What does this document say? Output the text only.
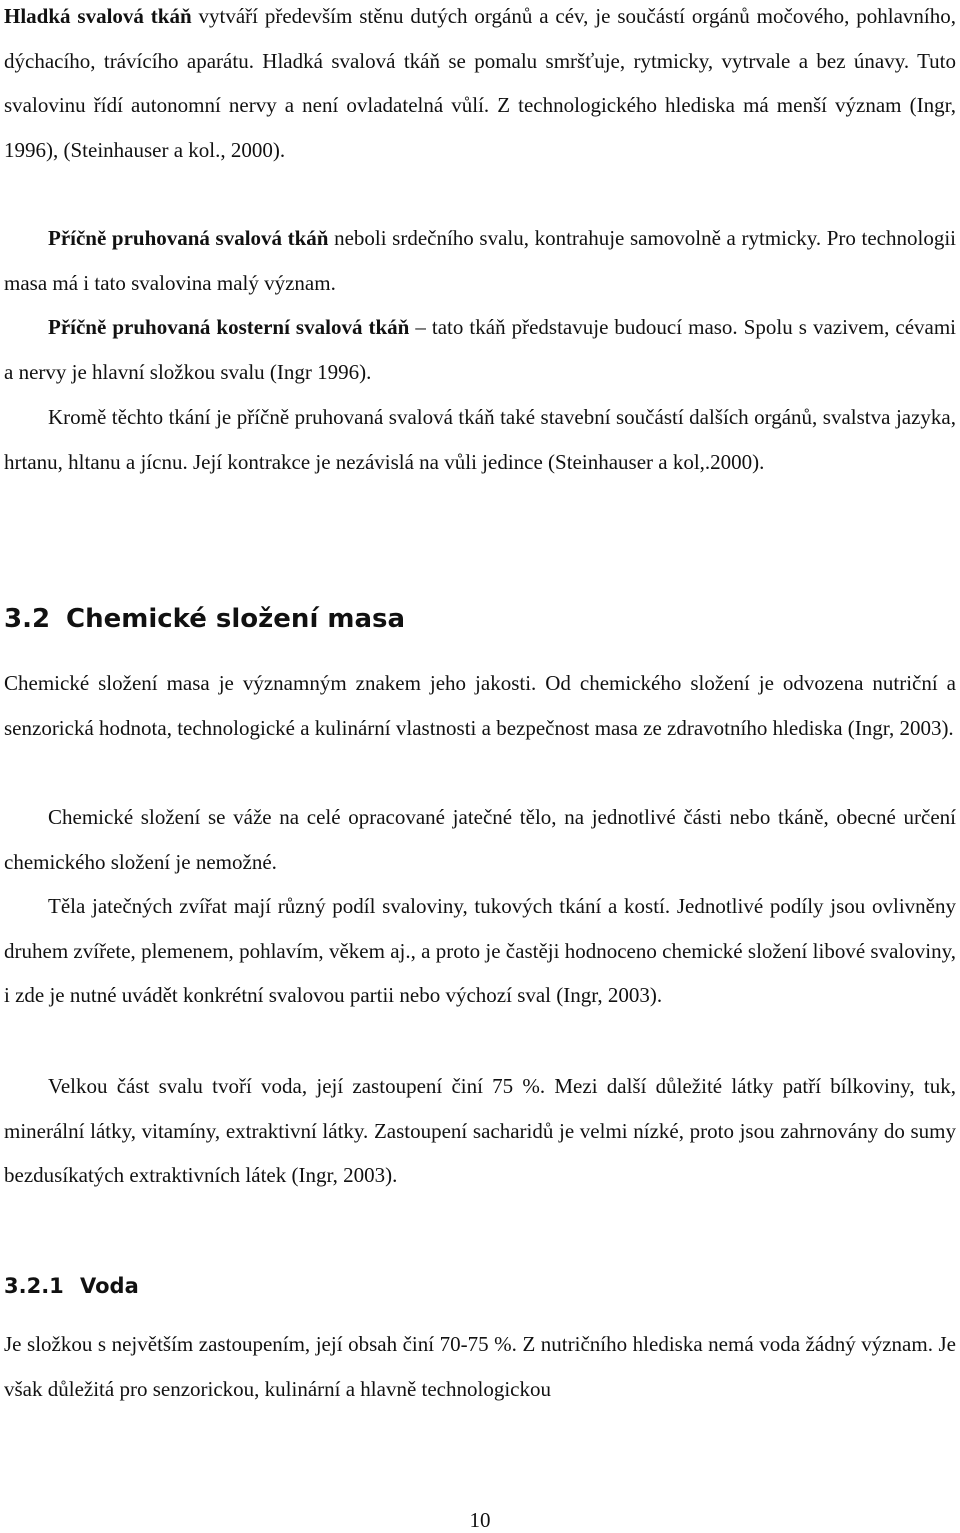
Hladká svalová tkáň vytváří především stěnu dutých orgánů a cév, je součástí orgánů močového, pohlavního, dýchacího, trávícího aparátu. Hladká svalová tkáň se pomalu smršťuje, rytmicky, vytrvale a bez únavy. Tuto svalovinu řídí autonomní nervy a není ovladatelná vůlí. Z technologického hlediska má menší význam (Ingr, 1996), (Steinhauser a kol., 2000).

Příčně pruhovaná svalová tkáň neboli srdečního svalu, kontrahuje samovolně a rytmicky. Pro technologii masa má i tato svalovina malý význam.

Příčně pruhovaná kosterní svalová tkáň – tato tkáň představuje budoucí maso. Spolu s vazivem, cévami a nervy je hlavní složkou svalu (Ingr 1996).

Kromě těchto tkání je příčně pruhovaná svalová tkáň také stavební součástí dalších orgánů, svalstva jazyka, hrtanu, hltanu a jícnu. Její kontrakce je nezávislá na vůli jedince (Steinhauser a kol,.2000).

3.2 Chemické složení masa

Chemické složení masa je významným znakem jeho jakosti. Od chemického složení je odvozena nutriční a senzorická hodnota, technologické a kulinární vlastnosti a bezpečnost masa ze zdravotního hlediska (Ingr, 2003).

Chemické složení se váže na celé opracované jatečné tělo, na jednotlivé části nebo tkáně, obecné určení chemického složení je nemožné.

Těla jatečných zvířat mají různý podíl svaloviny, tukových tkání a kostí. Jednotlivé podíly jsou ovlivněny druhem zvířete, plemenem, pohlavím, věkem aj., a proto je častěji hodnoceno chemické složení libové svaloviny, i zde je nutné uvádět konkrétní svalovou partii nebo výchozí sval (Ingr, 2003).

Velkou část svalu tvoří voda, její zastoupení činí 75 %. Mezi další důležité látky patří bílkoviny, tuk, minerální látky, vitamíny, extraktivní látky. Zastoupení sacharidů je velmi nízké, proto jsou zahrnovány do sumy bezdusíkatých extraktivních látek (Ingr, 2003).

3.2.1 Voda

Je složkou s největším zastoupením, její obsah činí 70-75 %. Z nutričního hlediska nemá voda žádný význam. Je však důležitá pro senzorickou, kulinární a hlavně technologickou

10
